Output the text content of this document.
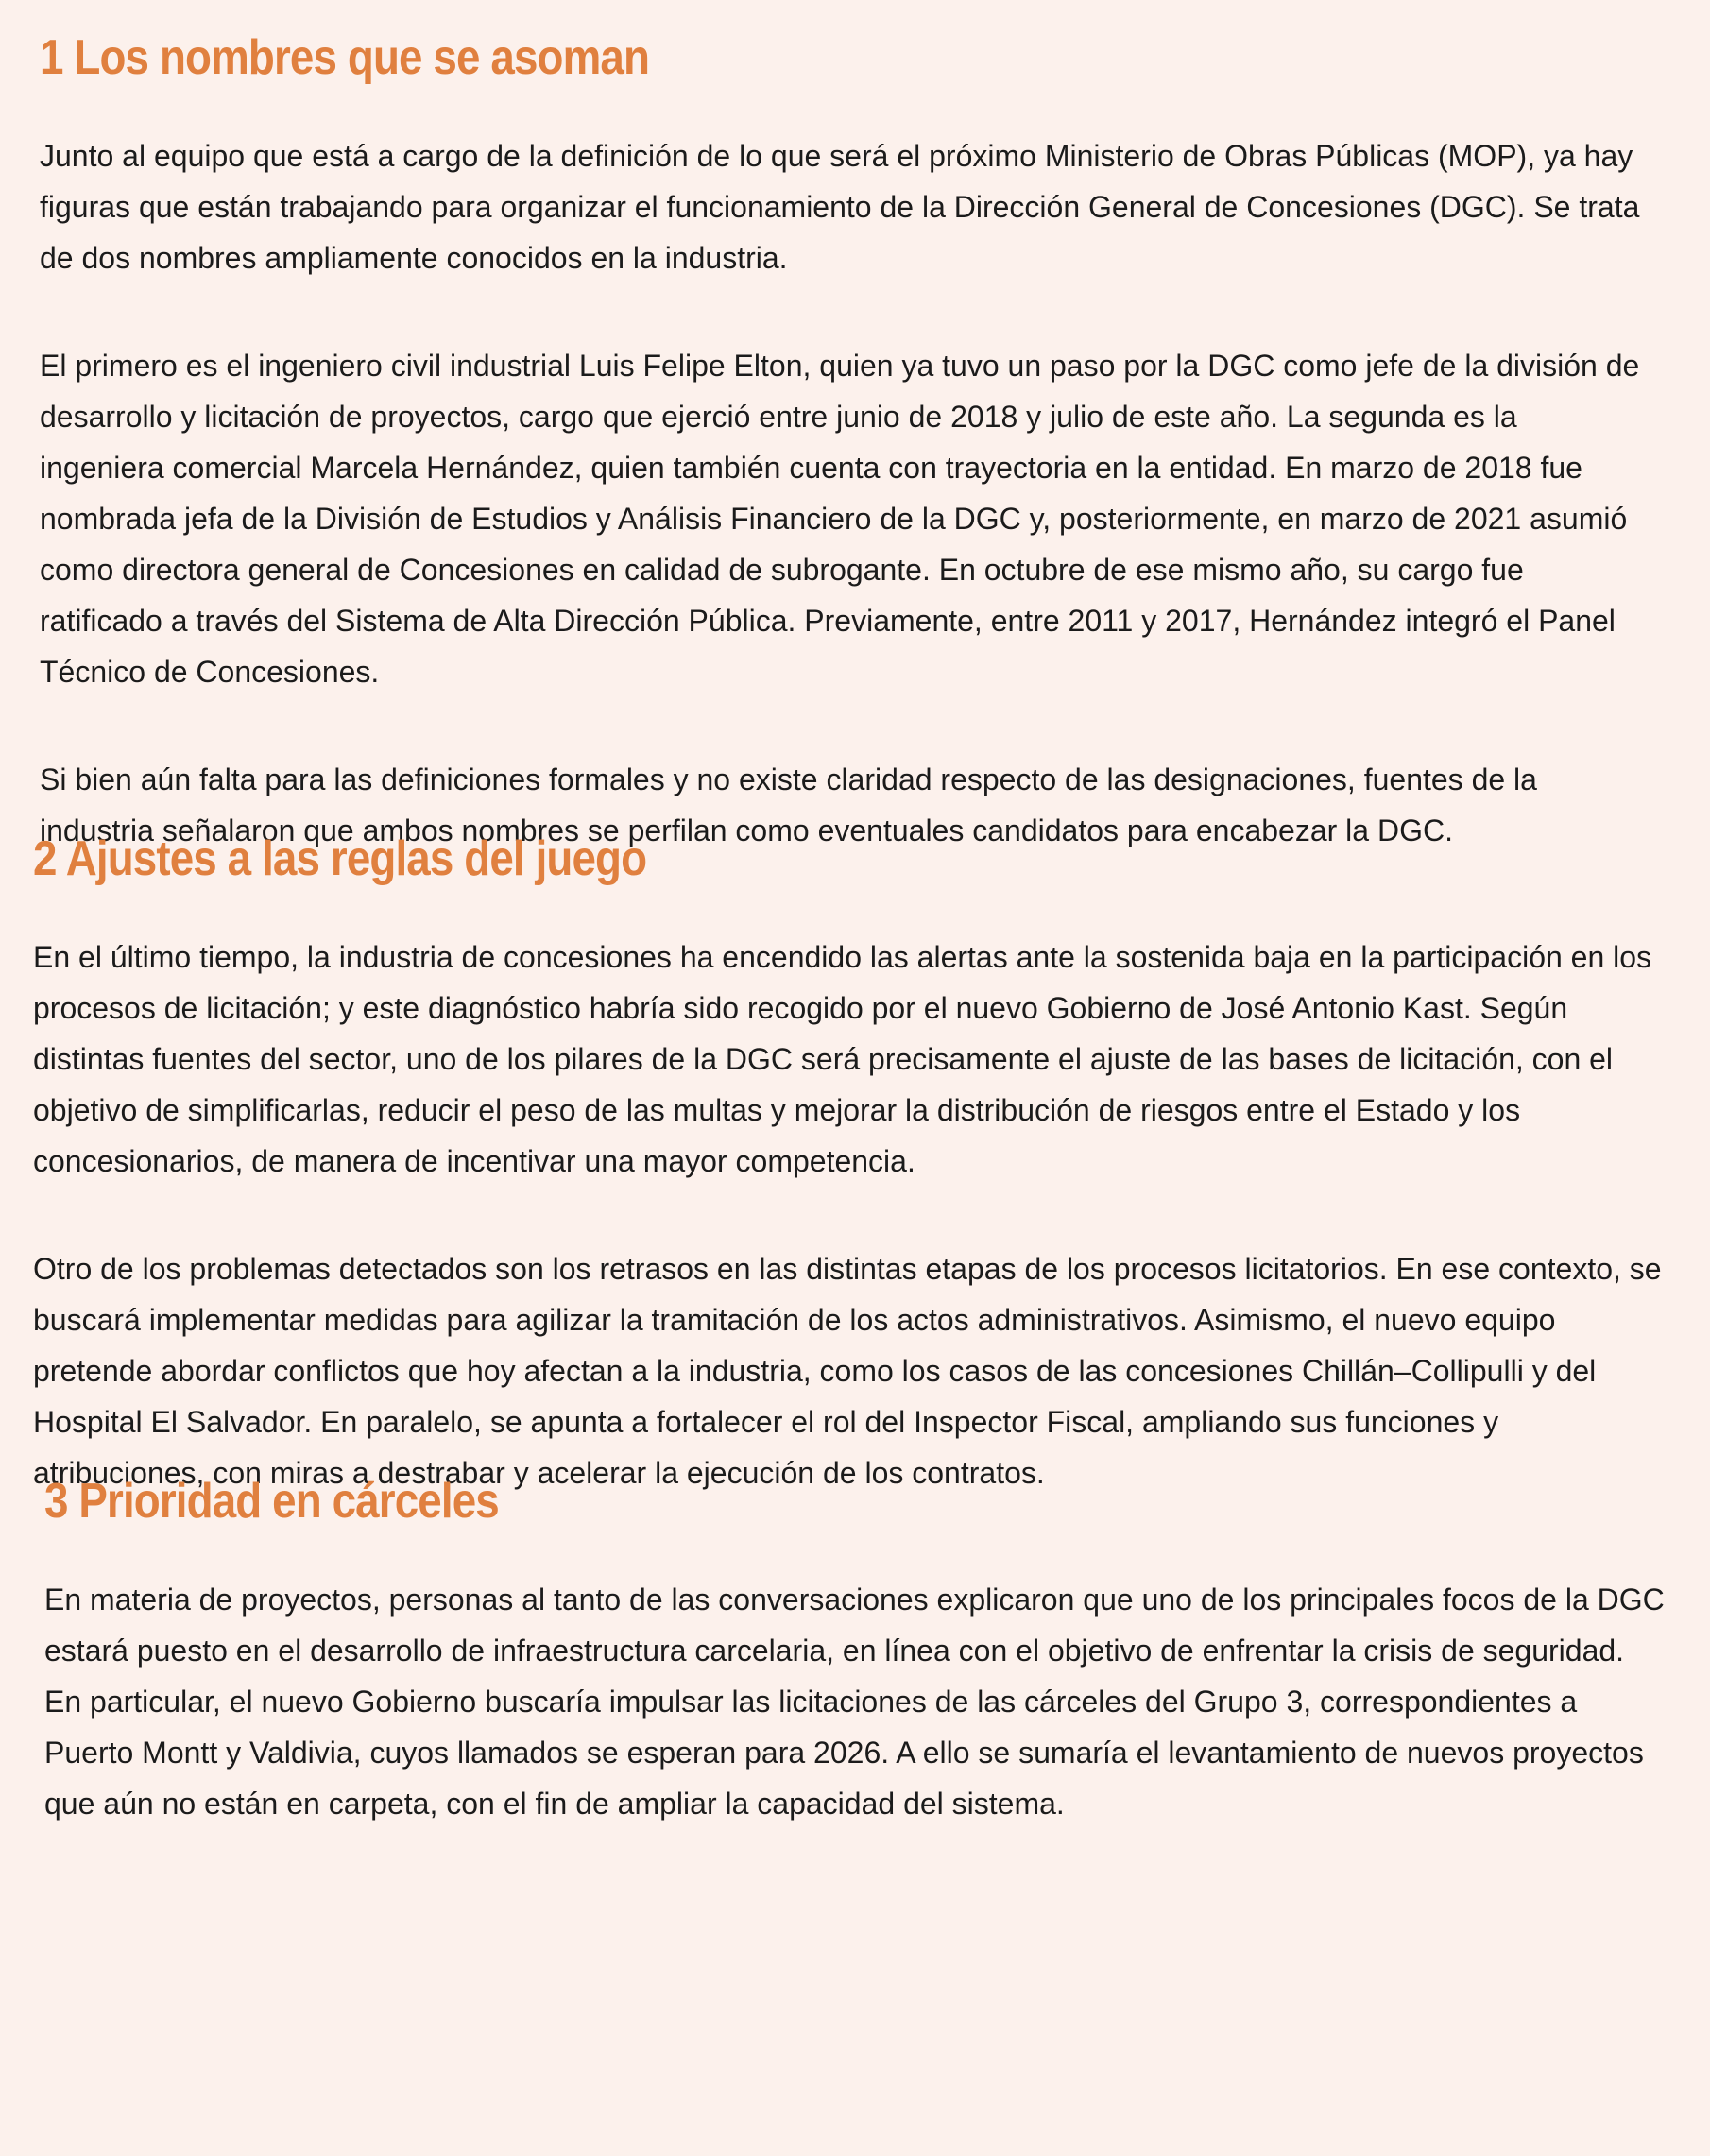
1 Los nombres que se asoman

Junto al equipo que está a cargo de la definición de lo que será el próximo Ministerio de Obras Públicas (MOP), ya hay figuras que están trabajando para organizar el funcionamiento de la Dirección General de Concesiones (DGC). Se trata de dos nombres ampliamente conocidos en la industria.

El primero es el ingeniero civil industrial Luis Felipe Elton, quien ya tuvo un paso por la DGC como jefe de la división de desarrollo y licitación de proyectos, cargo que ejerció entre junio de 2018 y julio de este año. La segunda es la ingeniera comercial Marcela Hernández, quien también cuenta con trayectoria en la entidad. En marzo de 2018 fue nombrada jefa de la División de Estudios y Análisis Financiero de la DGC y, posteriormente, en marzo de 2021 asumió como directora general de Concesiones en calidad de subrogante. En octubre de ese mismo año, su cargo fue ratificado a través del Sistema de Alta Dirección Pública. Previamente, entre 2011 y 2017, Hernández integró el Panel Técnico de Concesiones.

Si bien aún falta para las definiciones formales y no existe claridad respecto de las designaciones, fuentes de la industria señalaron que ambos nombres se perfilan como eventuales candidatos para encabezar la DGC.

2 Ajustes a las reglas del juego

En el último tiempo, la industria de concesiones ha encendido las alertas ante la sostenida baja en la participación en los procesos de licitación; y este diagnóstico habría sido recogido por el nuevo Gobierno de José Antonio Kast. Según distintas fuentes del sector, uno de los pilares de la DGC será precisamente el ajuste de las bases de licitación, con el objetivo de simplificarlas, reducir el peso de las multas y mejorar la distribución de riesgos entre el Estado y los concesionarios, de manera de incentivar una mayor competencia.

Otro de los problemas detectados son los retrasos en las distintas etapas de los procesos licitatorios. En ese contexto, se buscará implementar medidas para agilizar la tramitación de los actos administrativos. Asimismo, el nuevo equipo pretende abordar conflictos que hoy afectan a la industria, como los casos de las concesiones Chillán–Collipulli y del Hospital El Salvador. En paralelo, se apunta a fortalecer el rol del Inspector Fiscal, ampliando sus funciones y atribuciones, con miras a destrabar y acelerar la ejecución de los contratos.

3 Prioridad en cárceles

En materia de proyectos, personas al tanto de las conversaciones explicaron que uno de los principales focos de la DGC estará puesto en el desarrollo de infraestructura carcelaria, en línea con el objetivo de enfrentar la crisis de seguridad. En particular, el nuevo Gobierno buscaría impulsar las licitaciones de las cárceles del Grupo 3, correspondientes a Puerto Montt y Valdivia, cuyos llamados se esperan para 2026. A ello se sumaría el levantamiento de nuevos proyectos que aún no están en carpeta, con el fin de ampliar la capacidad del sistema.
